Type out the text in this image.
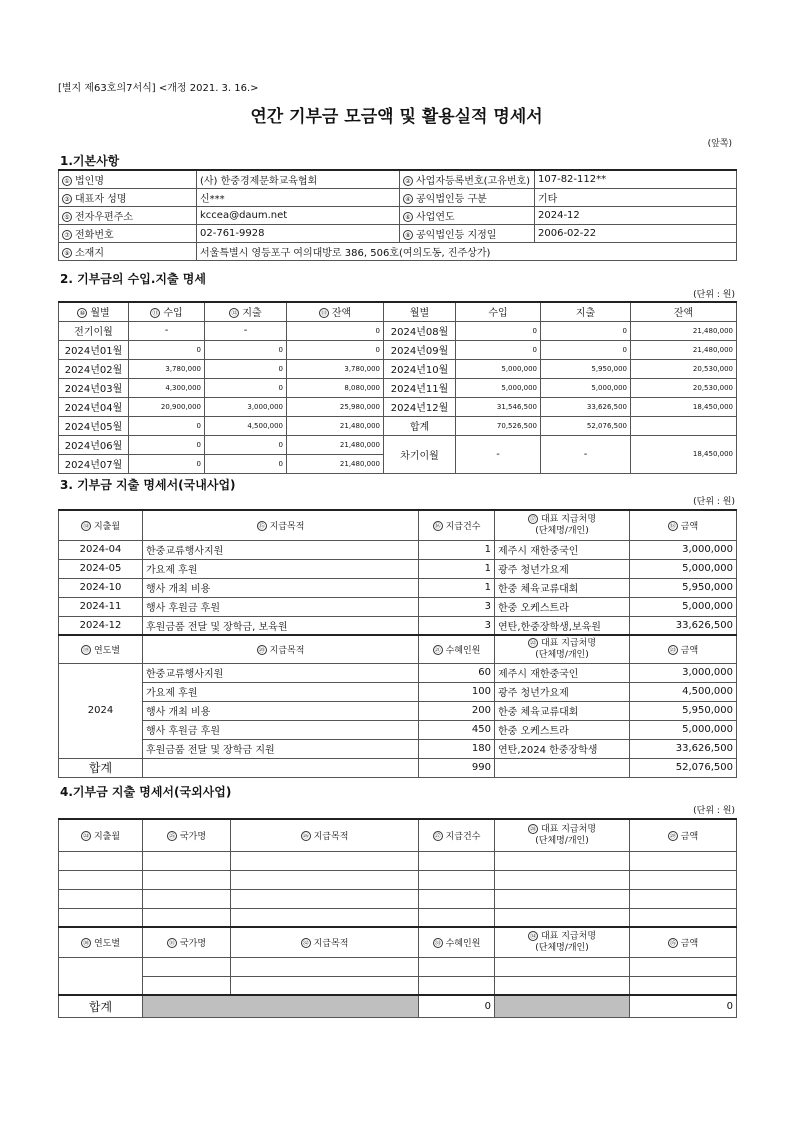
[별지 제63호의7서식] <개정 2021. 3. 16.>
연간 기부금 모금액 및 활용실적 명세서
(앞쪽)
1.기본사항
① 법인명	(사) 한중경제문화교육협회	② 사업자등록번호(고유번호)	107-82-112**
③ 대표자 성명	신***	④ 공익법인등 구분	기타
⑤ 전자우편주소	kccea@daum.net	⑥ 사업연도	2024-12
⑦ 전화번호	02-761-9928	⑧ 공익법인등 지정일	2006-02-22
⑨ 소재지	서울특별시 영등포구 여의대방로 386, 506호(여의도동, 진주상가)		
2. 기부금의 수입.지출 명세
(단위 : 원)
⑩ 월별	⑪ 수입	⑫ 지출	⑬ 잔액	월별	수입	지출	잔액
전기이월	-	-	0	2024년08월	0	0	21,480,000
2024년01월	0	0	0	2024년09월	0	0	21,480,000
2024년02월	3,780,000	0	3,780,000	2024년10월	5,000,000	5,950,000	20,530,000
2024년03월	4,300,000	0	8,080,000	2024년11월	5,000,000	5,000,000	20,530,000
2024년04월	20,900,000	3,000,000	25,980,000	2024년12월	31,546,500	33,626,500	18,450,000
2024년05월	0	4,500,000	21,480,000	합계	70,526,500	52,076,500	
2024년06월	0	0	21,480,000	차기이월	-	-	18,450,000
2024년07월	0	0	21,480,000				
3. 기부금 지출 명세서(국내사업)
(단위 : 원)
⑭ 지출월	⑮ 지급목적	⑯ 지급건수	⑰ 대표 지급처명
(단체명/개인)	⑱ 금액
2024-04	한중교류행사지원	1	제주시 재한중국인	3,000,000
2024-05	가요제 후원	1	광주 청년가요제	5,000,000
2024-10	행사 개최 비용	1	한중 체육교류대회	5,950,000
2024-11	행사 후원금 후원	3	한중 오케스트라	5,000,000
2024-12	후원금품 전달 및 장학금, 보육원	3	연탄,한중장학생,보육원	33,626,500
⑲ 연도별	⑳ 지급목적	㉑ 수혜인원	㉒ 대표 지급처명
(단체명/개인)	㉓ 금액
2024	한중교류행사지원	60	제주시 재한중국인	3,000,000
	가요제 후원	100	광주 청년가요제	4,500,000
	행사 개최 비용	200	한중 체육교류대회	5,950,000
	행사 후원금 후원	450	한중 오케스트라	5,000,000
	후원금품 전달 및 장학금 지원	180	연탄,2024 한중장학생	33,626,500
합계		990		52,076,500
4.기부금 지출 명세서(국외사업)
(단위 : 원)
㉔ 지출월	㉕ 국가명	㉖ 지급목적	㉗ 지급건수	㉘ 대표 지급처명
(단체명/개인)	㉙ 금액

㉚ 연도별	㉛ 국가명	㉜ 지급목적	㉝ 수혜인원	㉞ 대표 지급처명
(단체명/개인)	㉟ 금액

합계			0		0
